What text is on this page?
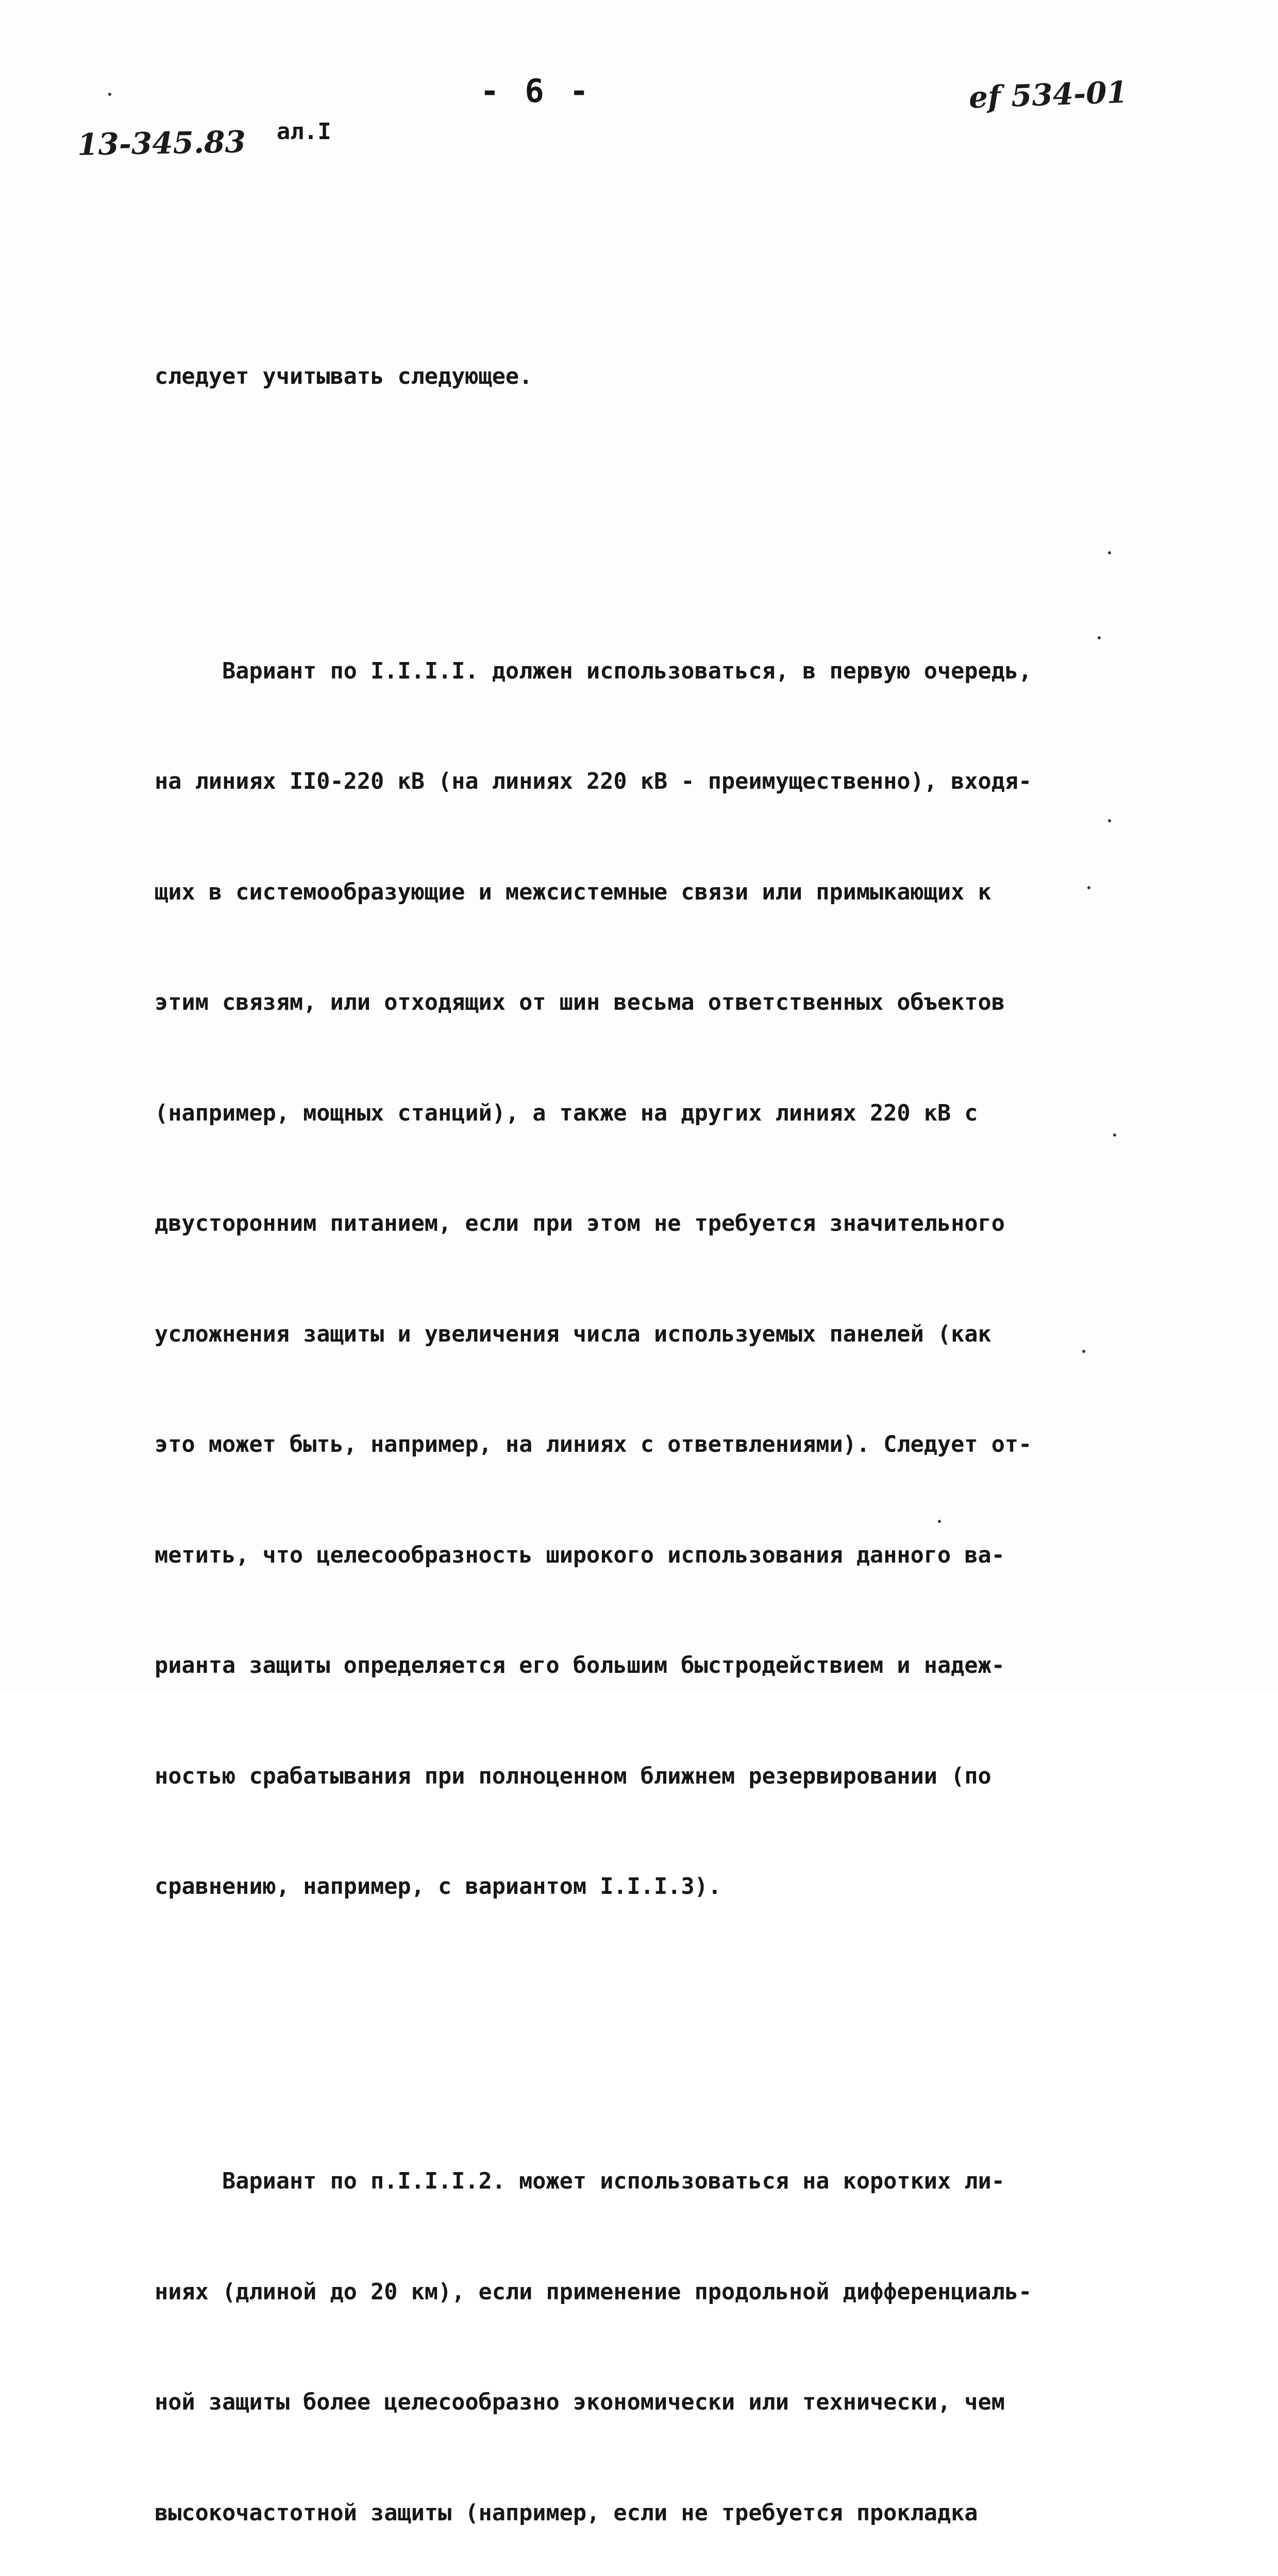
- 6 -	ef 534-01
13-345.83 ал.I

следует учитывать следующее.

Вариант по I.I.I.I. должен использоваться, в первую очередь,

на линиях II0-220 кВ (на линиях 220 кВ - преимущественно), входя-

щих в системообразующие и межсистемные связи или примыкающих к

этим связям, или отходящих от шин весьма ответственных объектов

(например, мощных станций), а также на других линиях 220 кВ с

двусторонним питанием, если при этом не требуется значительного

усложнения защиты и увеличения числа используемых панелей (как

это может быть, например, на линиях с ответвлениями). Следует от-

метить, что целесообразность широкого использования данного ва-

рианта защиты определяется его большим быстродействием и надеж-

ностью срабатывания при полноценном ближнем резервировании (по

сравнению, например, с вариантом I.I.I.3).

Вариант по п.I.I.I.2. может использоваться на коротких ли-

ниях (длиной до 20 км), если применение продольной дифференциаль-

ной защиты более целесообразно экономически или технически, чем

высокочастотной защиты (например, если не требуется прокладка
